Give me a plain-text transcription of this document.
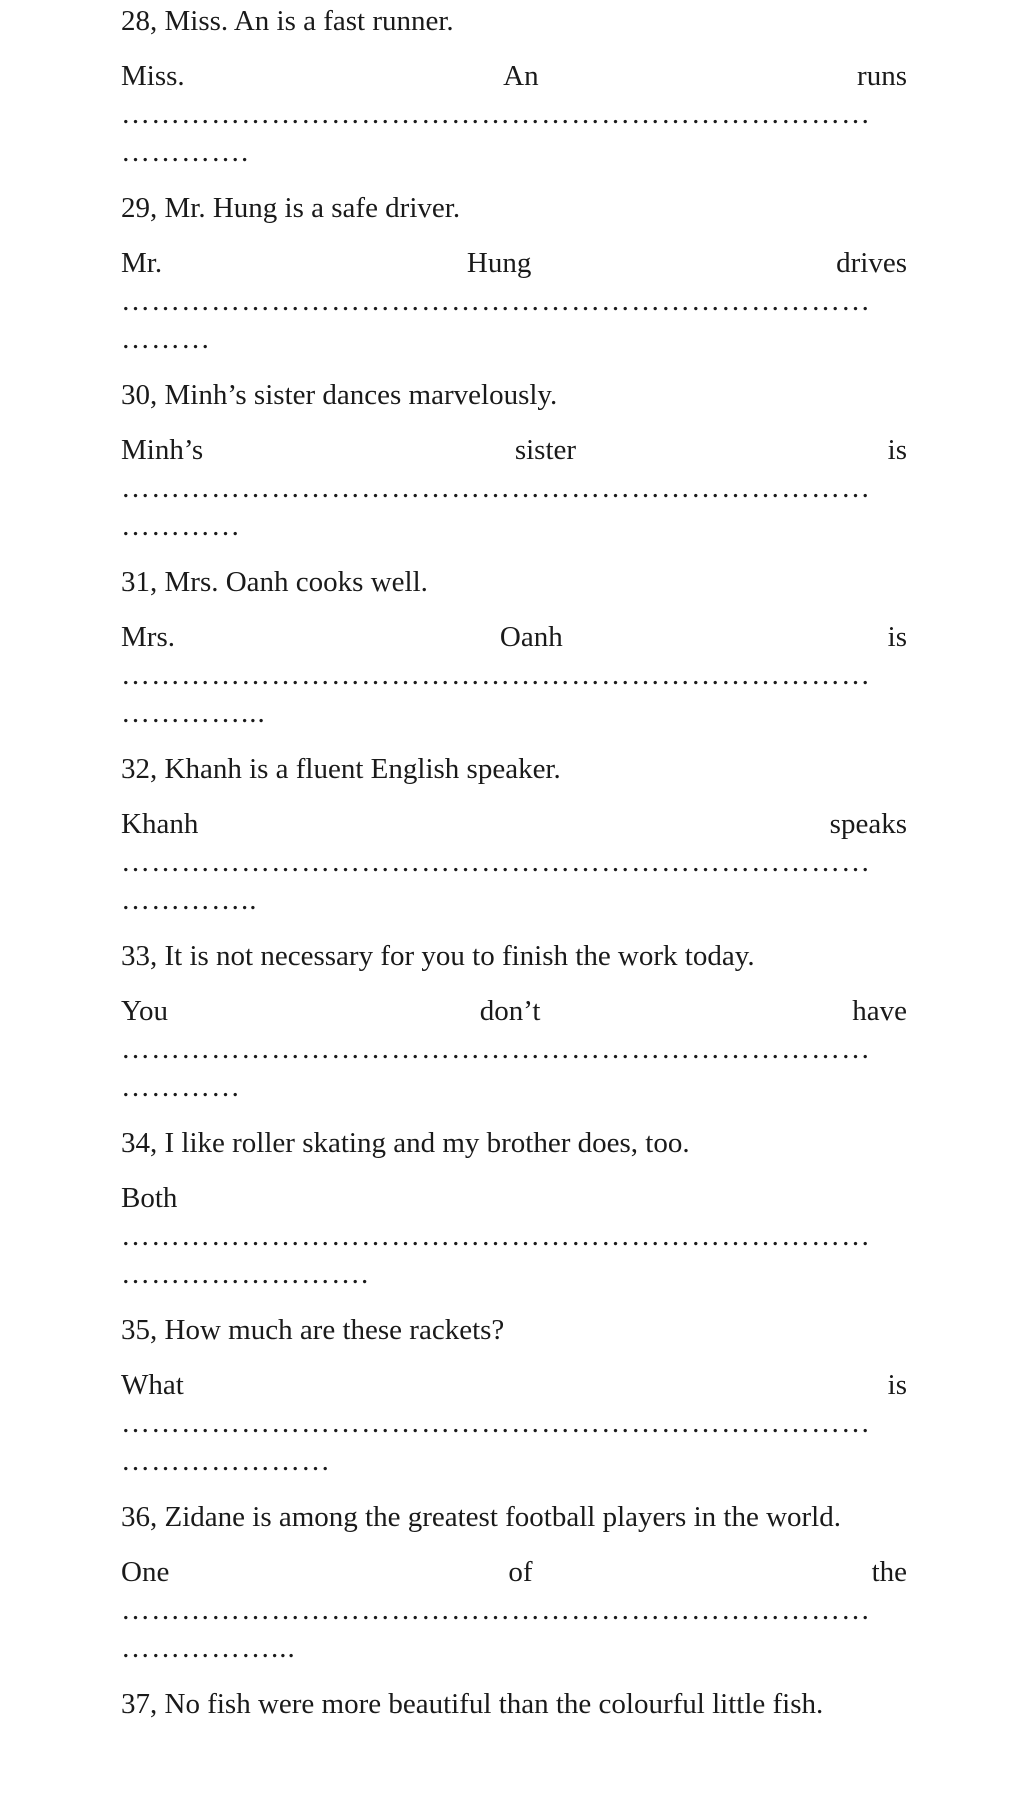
28, Miss. An is a fast runner.

Miss.	An	runs

…………………………………………………………………

………….

29, Mr. Hung is a safe driver.

Mr.	Hung	drives

…………………………………………………………………

………

30, Minh’s sister dances marvelously.

Minh’s	sister	is

…………………………………………………………………

…………

31, Mrs. Oanh cooks well.

Mrs.	Oanh	is

…………………………………………………………………

…………...

32, Khanh is a fluent English speaker.

Khanh	speaks

…………………………………………………………………

…………..

33, It is not necessary for you to finish the work today.

You	don’t	have

…………………………………………………………………

…………

34, I like roller skating and my brother does, too.

Both

…………………………………………………………………

…………………….

35, How much are these rackets?

What	is

…………………………………………………………………

…………………

36, Zidane is among the greatest football players in the world.

One	of	the

…………………………………………………………………

……………...

37, No fish were more beautiful than the colourful little fish.
